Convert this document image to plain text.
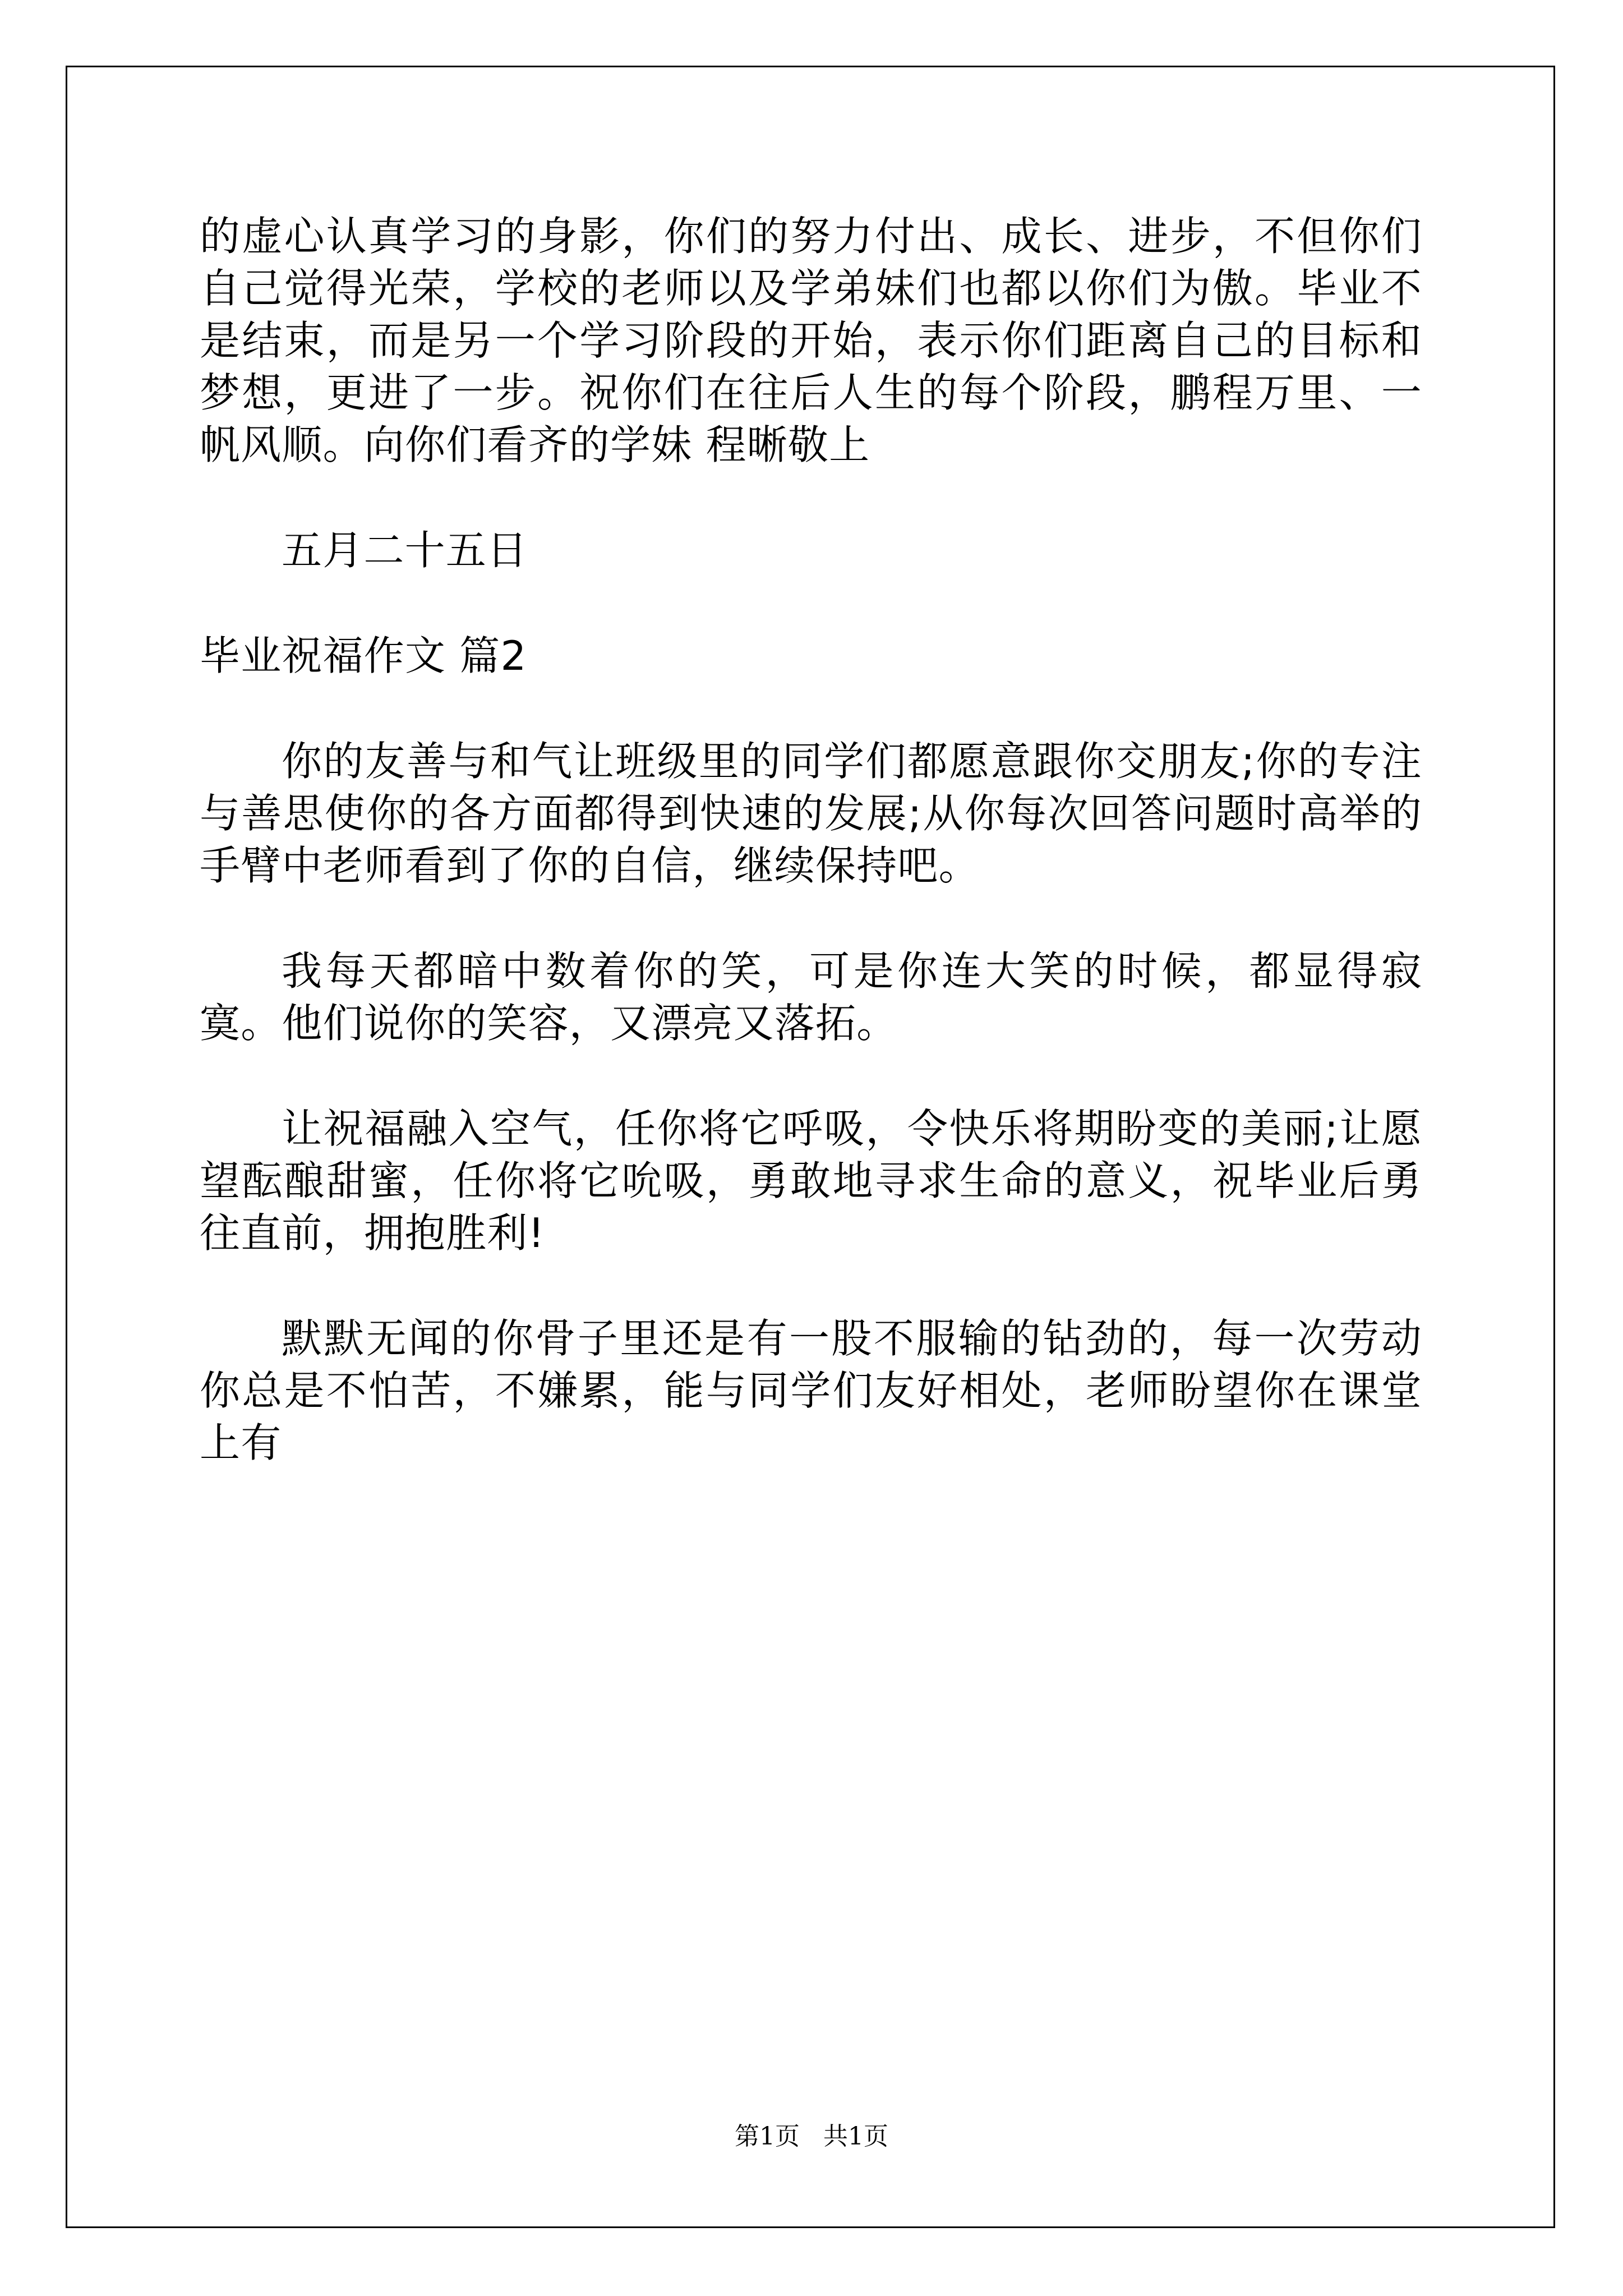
的虚心认真学习的身影，你们的努力付出、成长、进步，不但你们自己觉得光荣，学校的老师以及学弟妹们也都以你们为傲。毕业不是结束，而是另一个学习阶段的开始，表示你们距离自己的目标和梦想，更进了一步。祝你们在往后人生的每个阶段，鹏程万里、一帆风顺。向你们看齐的学妹 程晰敬上

五月二十五日

毕业祝福作文 篇2

你的友善与和气让班级里的同学们都愿意跟你交朋友;你的专注与善思使你的各方面都得到快速的发展;从你每次回答问题时高举的手臂中老师看到了你的自信，继续保持吧。

我每天都暗中数着你的笑，可是你连大笑的时候，都显得寂寞。他们说你的笑容，又漂亮又落拓。

让祝福融入空气，任你将它呼吸，令快乐将期盼变的美丽;让愿望酝酿甜蜜，任你将它吮吸，勇敢地寻求生命的意义，祝毕业后勇往直前，拥抱胜利!

默默无闻的你骨子里还是有一股不服输的钻劲的，每一次劳动你总是不怕苦，不嫌累，能与同学们友好相处，老师盼望你在课堂上有

第1页   共1页
